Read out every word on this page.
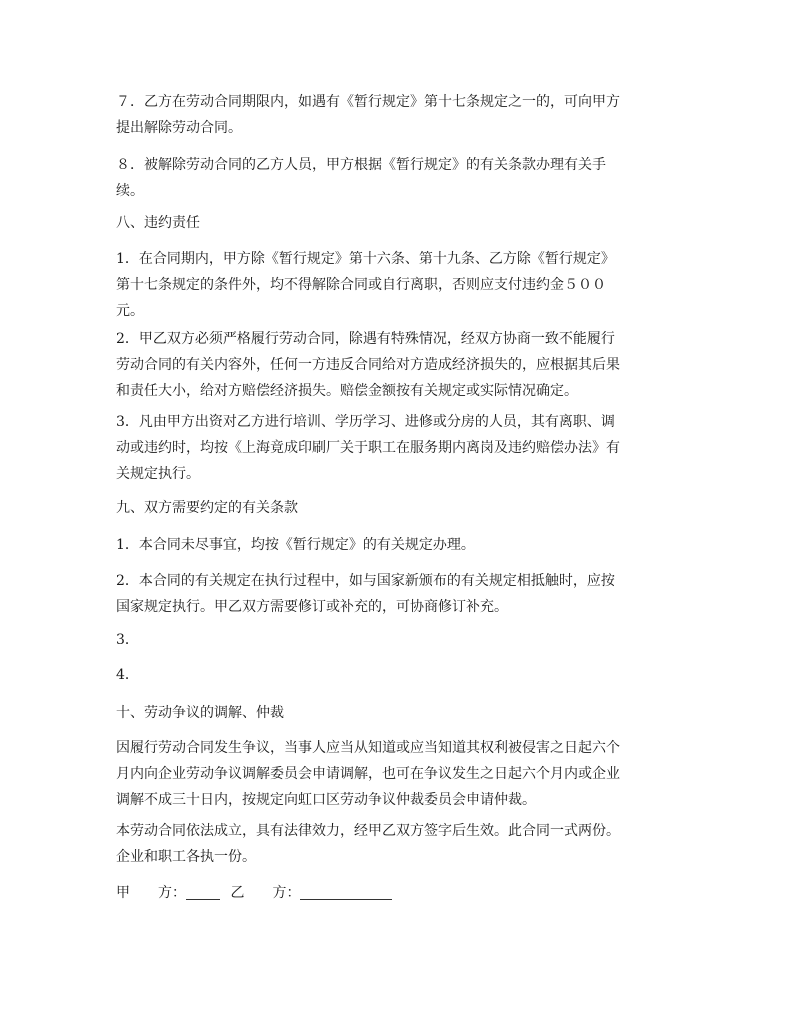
７．乙方在劳动合同期限内，如遇有《暂行规定》第十七条规定之一的，可向甲方
提出解除劳动合同。

８．被解除劳动合同的乙方人员，甲方根据《暂行规定》的有关条款办理有关手
续。

八、违约责任

1．在合同期内，甲方除《暂行规定》第十六条、第十九条、乙方除《暂行规定》
第十七条规定的条件外，均不得解除合同或自行离职，否则应支付违约金５００
元。

2．甲乙双方必须严格履行劳动合同，除遇有特殊情况，经双方协商一致不能履行
劳动合同的有关内容外，任何一方违反合同给对方造成经济损失的，应根据其后果
和责任大小，给对方赔偿经济损失。赔偿金额按有关规定或实际情况确定。

3．凡由甲方出资对乙方进行培训、学历学习、进修或分房的人员，其有离职、调
动或违约时，均按《上海竟成印刷厂关于职工在服务期内离岗及违约赔偿办法》有
关规定执行。

九、双方需要约定的有关条款

1．本合同未尽事宜，均按《暂行规定》的有关规定办理。

2．本合同的有关规定在执行过程中，如与国家新颁布的有关规定相抵触时，应按
国家规定执行。甲乙双方需要修订或补充的，可协商修订补充。

3．

4．

十、劳动争议的调解、仲裁

因履行劳动合同发生争议，当事人应当从知道或应当知道其权利被侵害之日起六个
月内向企业劳动争议调解委员会申请调解，也可在争议发生之日起六个月内或企业
调解不成三十日内，按规定向虹口区劳动争议仲裁委员会申请仲裁。

本劳动合同依法成立，具有法律效力，经甲乙双方签字后生效。此合同一式两份。
企业和职工各执一份。

甲　　方：	乙　　方：
